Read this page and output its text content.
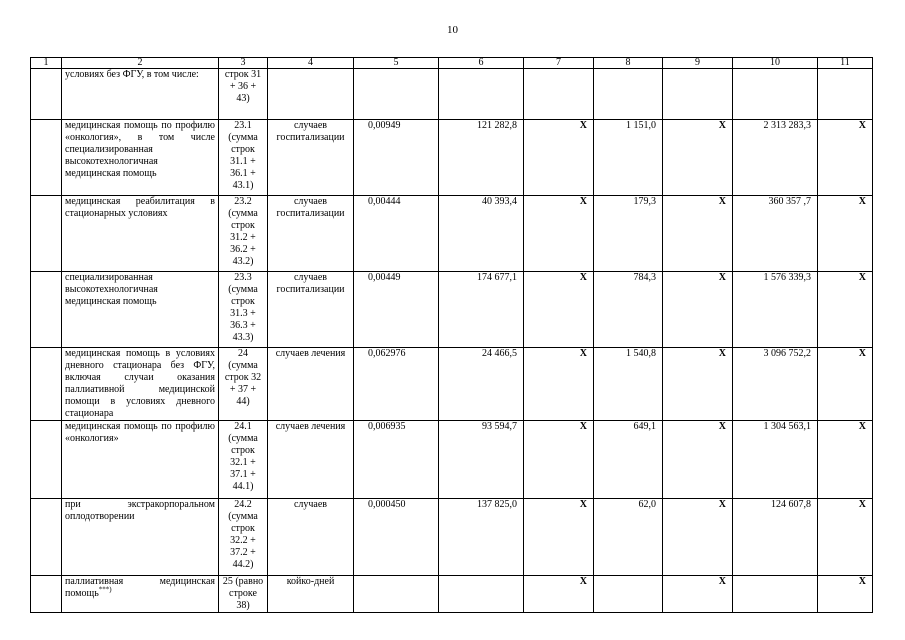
10
1	2	3	4	5	6	7	8	9	10	11
	условиях без ФГУ, в том числе:	строк 31 + 36 + 43)								
	медицинская помощь по профилю «онкология», в том числе специализированная высокотехнологичная медицинская помощь	23.1 (сумма строк 31.1 + 36.1 + 43.1)	случаев госпитализации	0,00949	121 282,8	Х	1 151,0	Х	2 313 283,3	Х
	медицинская реабилитация в стационарных условиях	23.2 (сумма строк 31.2 + 36.2 + 43.2)	случаев госпитализации	0,00444	40 393,4	Х	179,3	Х	360 357 ,7	Х
	специализированная высокотехнологичная медицинская помощь	23.3 (сумма строк 31.3 + 36.3 + 43.3)	случаев госпитализации	0,00449	174 677,1	Х	784,3	Х	1 576 339,3	Х
	медицинская помощь в условиях дневного стационара без ФГУ, включая случаи оказания паллиативной медицинской помощи в условиях дневного стационара	24 (сумма строк 32 + 37 + 44)	случаев лечения	0,062976	24 466,5	Х	1 540,8	Х	3 096 752,2	Х
	медицинская помощь по профилю «онкология»	24.1 (сумма строк 32.1 + 37.1 + 44.1)	случаев лечения	0,006935	93 594,7	Х	649,1	Х	1 304 563,1	Х
	при экстракорпоральном оплодотворении	24.2 (сумма строк 32.2 + 37.2 + 44.2)	случаев	0,000450	137 825,0	Х	62,0	Х	124 607,8	Х
	паллиативная медицинская помощь***)	25 (равно строке 38)	койко-дней			Х		Х		Х
